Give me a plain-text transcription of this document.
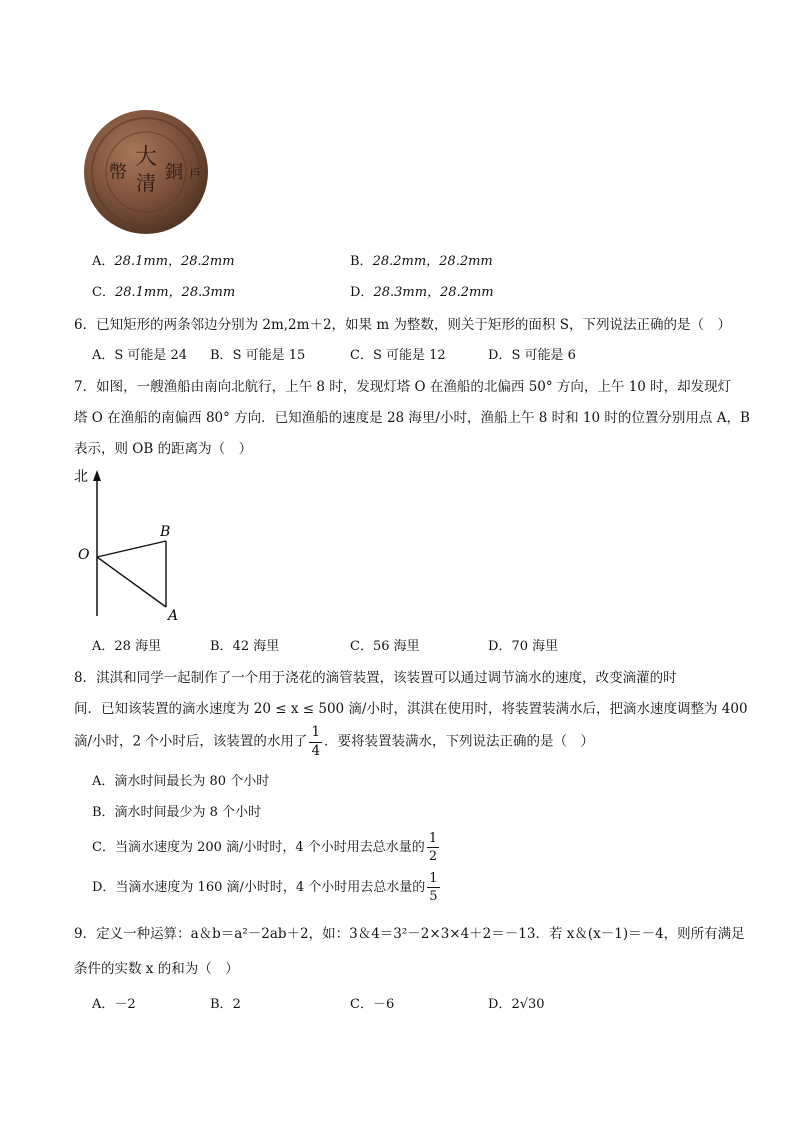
大
清 銅
幣	戶
A．28.1mm，28.2mm	B．28.2mm，28.2mm
C．28.1mm，28.3mm	D．28.3mm，28.2mm
6．已知矩形的两条邻边分别为 2m,2m＋2，如果 m 为整数，则关于矩形的面积 S，下列说法正确的是（　）
A．S 可能是 24 B．S 可能是 15	C．S 可能是 12	D．S 可能是 6
7．如图，一艘渔船由南向北航行，上午 8 时，发现灯塔 O 在渔船的北偏西 50° 方向，上午 10 时，却发现灯
塔 O 在渔船的南偏西 80° 方向．已知渔船的速度是 28 海里/小时，渔船上午 8 时和 10 时的位置分别用点 A，B
表示，则 OB 的距离为（　）
北
O
B
A
A．28 海里	B．42 海里	C．56 海里	D．70 海里
8．淇淇和同学一起制作了一个用于浇花的滴管装置，该装置可以通过调节滴水的速度，改变滴灌的时
间．已知该装置的滴水速度为 20 ≤ x ≤ 500 滴/小时，淇淇在使用时，将装置装满水后，把滴水速度调整为 400
滴/小时，2 个小时后，该装置的水用了 $\frac{1}{4}$ ．要将装置装满水，下列说法正确的是（　）
A．滴水时间最长为 80 个小时
B．滴水时间最少为 8 个小时
C．当滴水速度为 200 滴/小时时，4 个小时用去总水量的 $\frac{1}{2}$
D．当滴水速度为 160 滴/小时时，4 个小时用去总水量的 $\frac{1}{5}$
9．定义一种运算：a＆b＝a²－2ab＋2，如：3＆4＝3²－2×3×4＋2＝－13．若 x＆(x－1)＝－4，则所有满足
条件的实数 x 的和为（　）
A．－2	B．2	C．－6	D．2√30
